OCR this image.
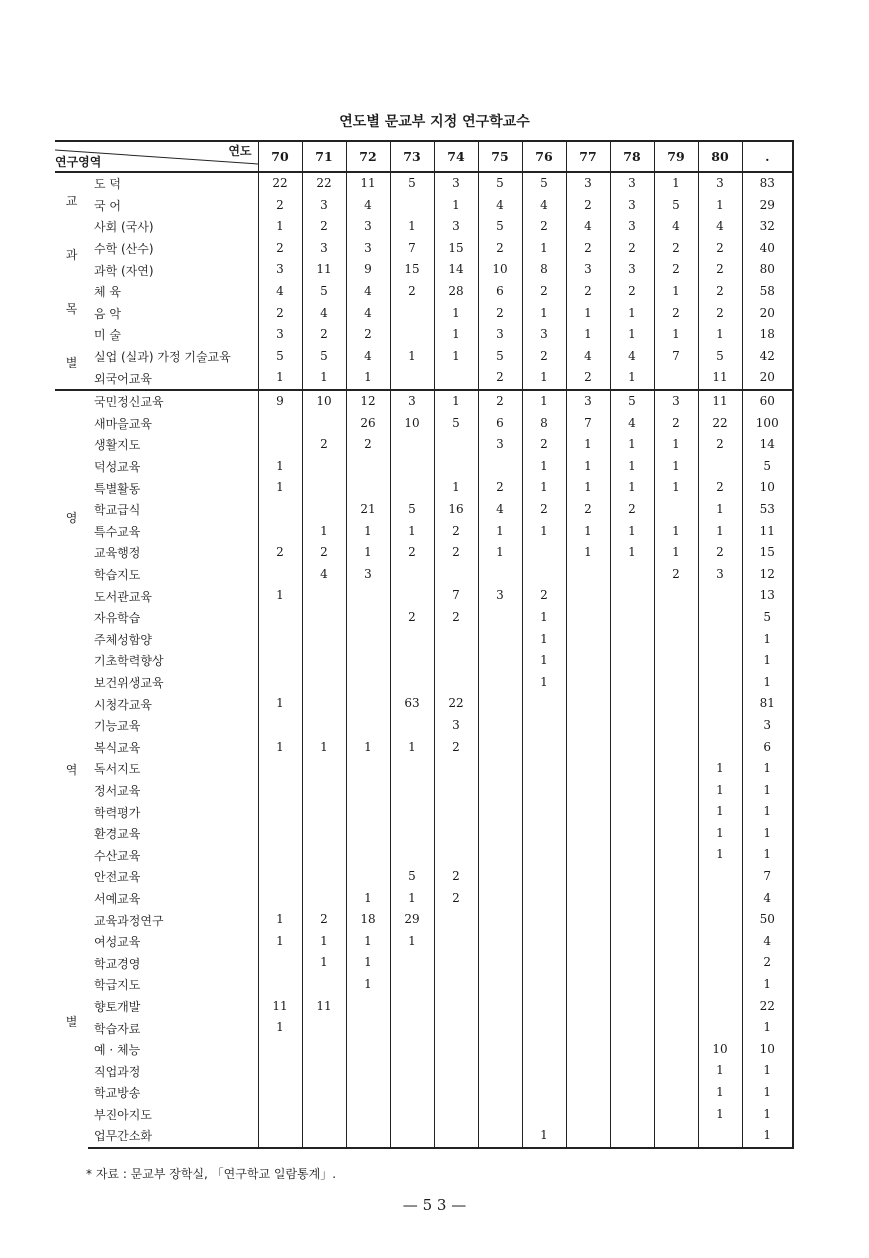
연도별 문교부 지정 연구학교수
연도
연구영역		70	71	72	73	74	75	76	77	78	79	80	.

교
과
목
별	도 덕	22	22	11	5	3	5	5	3	3	1	3	83
	국 어	2	3	4		1	4	4	2	3	5	1	29
	사회 (국사)	1	2	3	1	3	5	2	4	3	4	4	32
	수학 (산수)	2	3	3	7	15	2	1	2	2	2	2	40
	과학 (자연)	3	11	9	15	14	10	8	3	3	2	2	80
	체 육	4	5	4	2	28	6	2	2	2	1	2	58
	음 악	2	4	4		1	2	1	1	1	2	2	20
	미 술	3	2	2		1	3	3	1	1	1	1	18
	실업 (실과) 가정 기술교육	5	5	4	1	1	5	2	4	4	7	5	42
	외국어교육	1	1	1			2	1	2	1		11	20

영
역
별	국민정신교육	9	10	12	3	1	2	1	3	5	3	11	60
	새마을교육			26	10	5	6	8	7	4	2	22	100
	생활지도		2	2			3	2	1	1	1	2	14
	덕성교육	1						1	1	1	1		5
	특별활동	1				1	2	1	1	1	1	2	10
	학교급식			21	5	16	4	2	2	2		1	53
	특수교육		1	1	1	2	1	1	1	1	1	1	11
	교육행정	2	2	1	2	2	1		1	1	1	2	15
	학습지도		4	3							2	3	12
	도서관교육	1				7	3	2					13
	자유학습				2	2		1					5
	주체성함양							1					1
	기초학력향상							1					1
	보건위생교육							1					1
	시청각교육	1			63	22							81
	기능교육					3							3
	복식교육	1	1	1	1	2							6
	독서지도											1	1
	정서교육											1	1
	학력평가											1	1
	환경교육											1	1
	수산교육											1	1
	안전교육				5	2							7
	서예교육			1	1	2							4
	교육과정연구	1	2	18	29								50
	여성교육	1	1	1	1								4
	학교경영		1	1									2
	학급지도			1									1
	향토개발	11	11										22
	학습자료	1											1
	예 · 체능											10	10
	직업과정											1	1
	학교방송											1	1
	부진아지도											1	1
	업무간소화							1					1
* 자료 : 문교부 장학실, 「연구학교 일람통계」.
— 5 3 —
